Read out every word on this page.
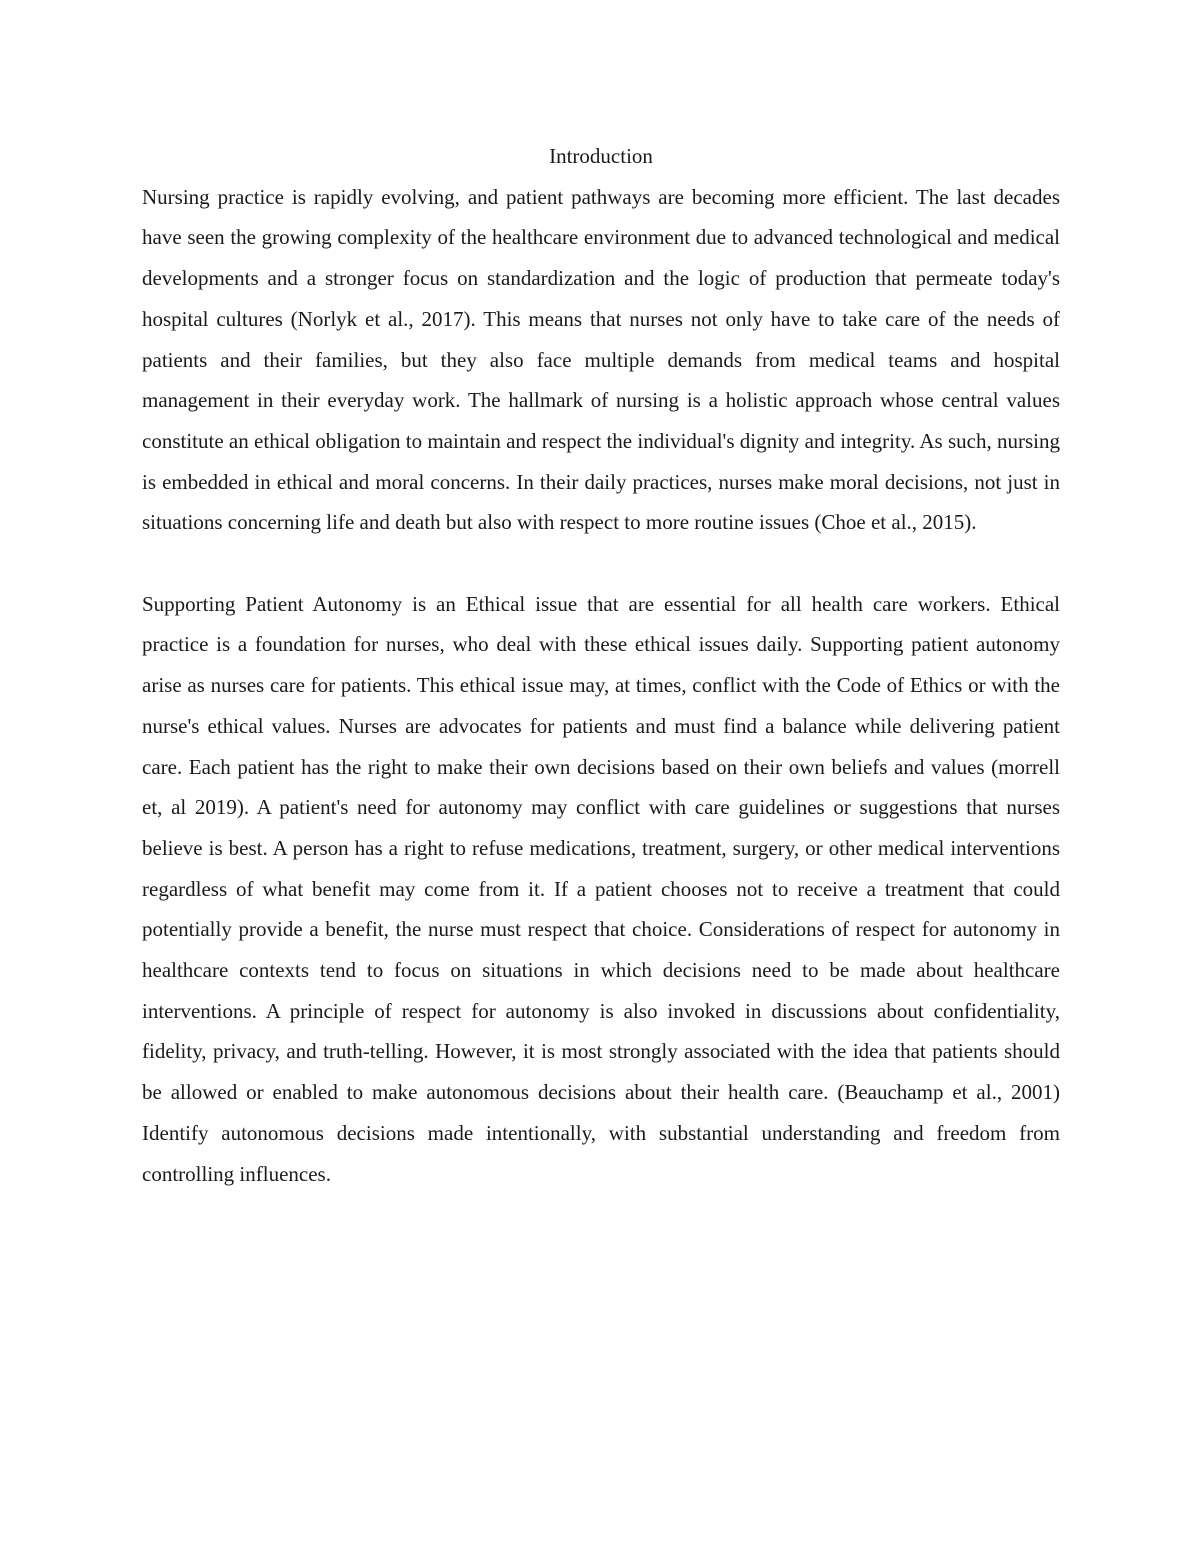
Introduction

Nursing practice is rapidly evolving, and patient pathways are becoming more efficient. The last decades have seen the growing complexity of the healthcare environment due to advanced technological and medical developments and a stronger focus on standardization and the logic of production that permeate today's hospital cultures (Norlyk et al., 2017). This means that nurses not only have to take care of the needs of patients and their families, but they also face multiple demands from medical teams and hospital management in their everyday work. The hallmark of nursing is a holistic approach whose central values constitute an ethical obligation to maintain and respect the individual's dignity and integrity. As such, nursing is embedded in ethical and moral concerns. In their daily practices, nurses make moral decisions, not just in situations concerning life and death but also with respect to more routine issues (Choe et al., 2015).

Supporting Patient Autonomy is an Ethical issue that are essential for all health care workers. Ethical practice is a foundation for nurses, who deal with these ethical issues daily. Supporting patient autonomy arise as nurses care for patients. This ethical issue may, at times, conflict with the Code of Ethics or with the nurse's ethical values. Nurses are advocates for patients and must find a balance while delivering patient care. Each patient has the right to make their own decisions based on their own beliefs and values (morrell et, al 2019). A patient's need for autonomy may conflict with care guidelines or suggestions that nurses believe is best. A person has a right to refuse medications, treatment, surgery, or other medical interventions regardless of what benefit may come from it. If a patient chooses not to receive a treatment that could potentially provide a benefit, the nurse must respect that choice. Considerations of respect for autonomy in healthcare contexts tend to focus on situations in which decisions need to be made about healthcare interventions. A principle of respect for autonomy is also invoked in discussions about confidentiality, fidelity, privacy, and truth-telling. However, it is most strongly associated with the idea that patients should be allowed or enabled to make autonomous decisions about their health care. (Beauchamp et al., 2001) Identify autonomous decisions made intentionally, with substantial understanding and freedom from controlling influences.
